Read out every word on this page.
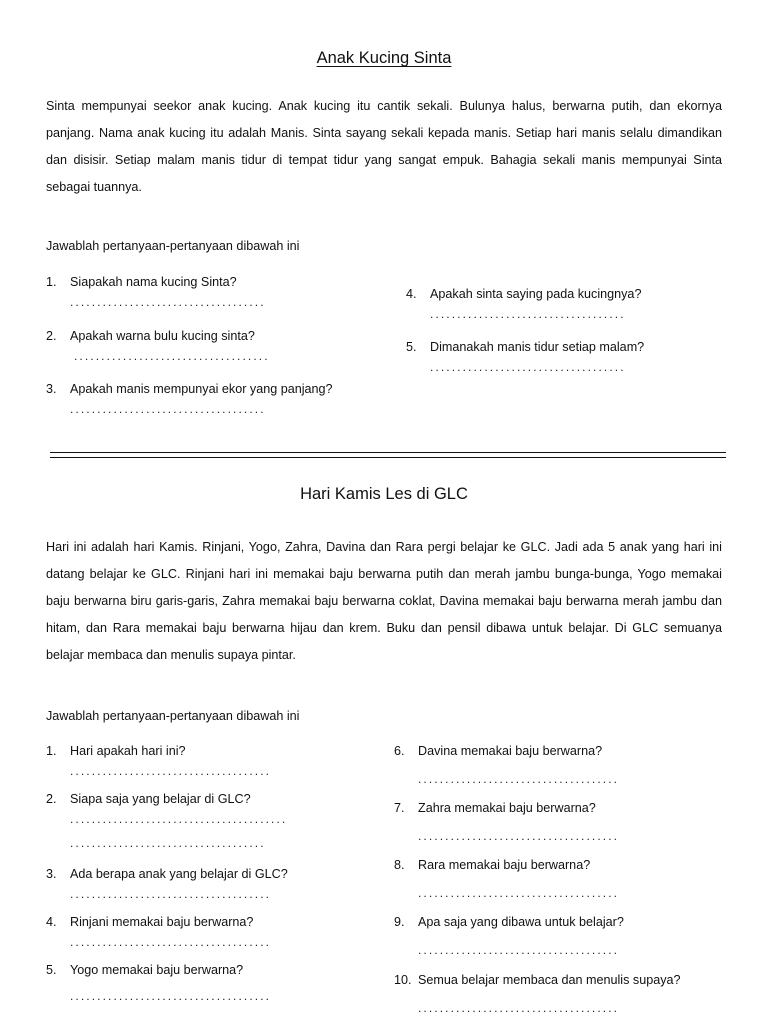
Anak Kucing Sinta

Sinta mempunyai seekor anak kucing. Anak kucing itu cantik sekali. Bulunya halus, berwarna putih, dan ekornya panjang. Nama anak kucing itu adalah Manis. Sinta sayang sekali kepada manis. Setiap hari manis selalu dimandikan dan disisir. Setiap malam manis tidur di tempat tidur yang sangat empuk. Bahagia sekali manis mempunyai Sinta sebagai tuannya.

Jawablah pertanyaan-pertanyaan dibawah ini

1. Siapakah nama kucing Sinta?
....................................
2. Apakah warna bulu kucing sinta?
....................................
3. Apakah manis mempunyai ekor yang panjang?
....................................
4. Apakah sinta saying pada kucingnya?
....................................
5. Dimanakah manis tidur setiap malam?
....................................
Hari Kamis Les di GLC

Hari ini adalah hari Kamis. Rinjani, Yogo, Zahra, Davina dan Rara pergi belajar ke GLC. Jadi ada 5 anak yang hari ini datang belajar ke GLC. Rinjani hari ini memakai baju berwarna putih dan merah jambu bunga-bunga, Yogo memakai baju berwarna biru garis-garis, Zahra memakai baju berwarna coklat, Davina memakai baju berwarna merah jambu dan hitam, dan Rara memakai baju berwarna hijau dan krem. Buku dan pensil dibawa untuk belajar. Di GLC semuanya belajar membaca dan menulis supaya pintar.

Jawablah pertanyaan-pertanyaan dibawah ini

1. Hari apakah hari ini?
.....................................
2. Siapa saja yang belajar di GLC?
........................................
....................................
3. Ada berapa anak yang belajar di GLC?
.....................................
4. Rinjani memakai baju berwarna?
.....................................
5. Yogo memakai baju berwarna?
.....................................
6. Davina memakai baju berwarna?
.....................................
7. Zahra memakai baju berwarna?
.....................................
8. Rara memakai baju berwarna?
.....................................
9. Apa saja yang dibawa untuk belajar?
.....................................
10. Semua belajar membaca dan menulis supaya?
.....................................
